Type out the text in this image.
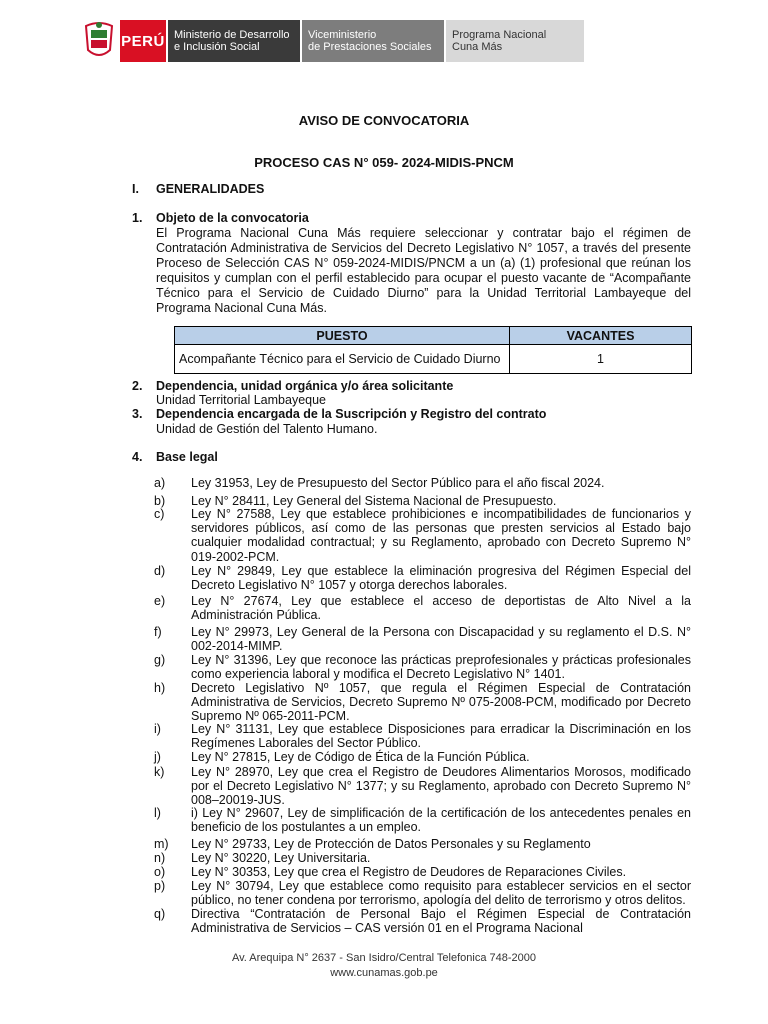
PERÚ Ministerio de Desarrollo
e Inclusión Social
Viceministerio
de Prestaciones Sociales
Programa Nacional
Cuna Más
AVISO DE CONVOCATORIA
PROCESO CAS N° 059- 2024-MIDIS-PNCM
I. GENERALIDADES
1. Objeto de la convocatoria
El Programa Nacional Cuna Más requiere seleccionar y contratar bajo el régimen de Contratación Administrativa de Servicios del Decreto Legislativo N° 1057, a través del presente Proceso de Selección CAS N° 059-2024-MIDIS/PNCM a un (a) (1) profesional que reúnan los requisitos y cumplan con el perfil establecido para ocupar el puesto vacante de “Acompañante Técnico para el Servicio de Cuidado Diurno” para la Unidad Territorial Lambayeque del Programa Nacional Cuna Más.
PUESTO	VACANTES
Acompañante Técnico para el Servicio de Cuidado Diurno	1
2. Dependencia, unidad orgánica y/o área solicitante
Unidad Territorial Lambayeque
3. Dependencia encargada de la Suscripción y Registro del contrato
Unidad de Gestión del Talento Humano.
4. Base legal
a) Ley 31953, Ley de Presupuesto del Sector Público para el año fiscal 2024.
b) Ley N° 28411, Ley General del Sistema Nacional de Presupuesto.
c) Ley N° 27588, Ley que establece prohibiciones e incompatibilidades de funcionarios y servidores públicos, así como de las personas que presten servicios al Estado bajo cualquier modalidad contractual; y su Reglamento, aprobado con Decreto Supremo N° 019-2002-PCM.
d) Ley N° 29849, Ley que establece la eliminación progresiva del Régimen Especial del Decreto Legislativo N° 1057 y otorga derechos laborales.
e) Ley N° 27674, Ley que establece el acceso de deportistas de Alto Nivel a la Administración Pública.
f) Ley N° 29973, Ley General de la Persona con Discapacidad y su reglamento el D.S. N° 002-2014-MIMP.
g) Ley N° 31396, Ley que reconoce las prácticas preprofesionales y prácticas profesionales como experiencia laboral y modifica el Decreto Legislativo N° 1401.
h) Decreto Legislativo Nº 1057, que regula el Régimen Especial de Contratación Administrativa de Servicios, Decreto Supremo Nº 075-2008-PCM, modificado por Decreto Supremo Nº 065-2011-PCM.
i) Ley N° 31131, Ley que establece Disposiciones para erradicar la Discriminación en los Regímenes Laborales del Sector Público.
j) Ley N° 27815, Ley de Código de Ética de la Función Pública.
k) Ley N° 28970, Ley que crea el Registro de Deudores Alimentarios Morosos, modificado por el Decreto Legislativo N° 1377; y su Reglamento, aprobado con Decreto Supremo N° 008–20019-JUS.
l) i) Ley N° 29607, Ley de simplificación de la certificación de los antecedentes penales en beneficio de los postulantes a un empleo.
m) Ley N° 29733, Ley de Protección de Datos Personales y su Reglamento
n) Ley N° 30220, Ley Universitaria.
o) Ley N° 30353, Ley que crea el Registro de Deudores de Reparaciones Civiles.
p) Ley N° 30794, Ley que establece como requisito para establecer servicios en el sector público, no tener condena por terrorismo, apología del delito de terrorismo y otros delitos.
q) Directiva “Contratación de Personal Bajo el Régimen Especial de Contratación Administrativa de Servicios – CAS versión 01 en el Programa Nacional
Av. Arequipa N° 2637 - San Isidro/Central Telefonica 748-2000
www.cunamas.gob.pe
